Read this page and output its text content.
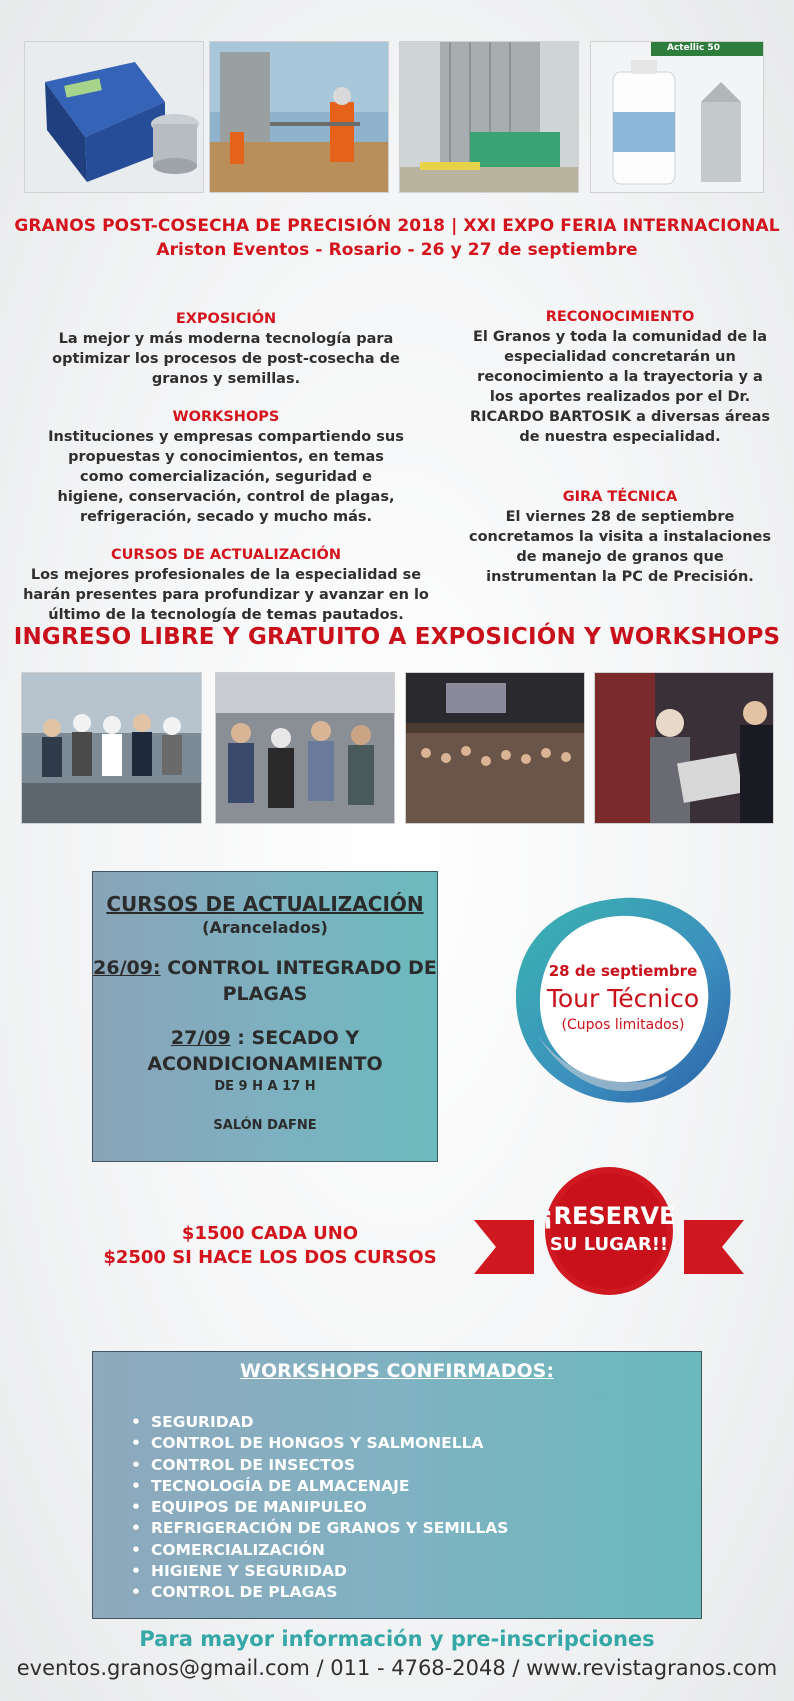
Actellic 50
GRANOS POST-COSECHA DE PRECISIÓN 2018 | XXI EXPO FERIA INTERNACIONAL
Ariston Eventos - Rosario - 26 y 27 de septiembre
EXPOSICIÓN
La mejor y más moderna tecnología para optimizar los procesos de post-cosecha de granos y semillas.
WORKSHOPS
Instituciones y empresas compartiendo sus propuestas y conocimientos, en temas como comercialización, seguridad e higiene, conservación, control de plagas, refrigeración, secado y mucho más.
CURSOS DE ACTUALIZACIÓN
Los mejores profesionales de la especialidad se harán presentes para profundizar y avanzar en lo último de la tecnología de temas pautados.
RECONOCIMIENTO
El Granos y toda la comunidad de la especialidad concretarán un reconocimiento a la trayectoria y a los aportes realizados por el Dr. RICARDO BARTOSIK a diversas áreas de nuestra especialidad.
GIRA TÉCNICA
El viernes 28 de septiembre concretamos la visita a instalaciones de manejo de granos que instrumentan la PC de Precisión.
INGRESO LIBRE Y GRATUITO A EXPOSICIÓN Y WORKSHOPS
CURSOS DE ACTUALIZACIÓN
(Arancelados)
26/09: CONTROL INTEGRADO DE PLAGAS
27/09 : SECADO Y ACONDICIONAMIENTO
DE 9 H A 17 H
SALÓN DAFNE
28 de septiembre
Tour Técnico
(Cupos limitados)
$1500 CADA UNO
$2500 SI HACE LOS DOS CURSOS
¡RESERVE
SU LUGAR!!
WORKSHOPS CONFIRMADOS:
• SEGURIDAD
• CONTROL DE HONGOS Y SALMONELLA
• CONTROL DE INSECTOS
• TECNOLOGÍA DE ALMACENAJE
• EQUIPOS DE MANIPULEO
• REFRIGERACIÓN DE GRANOS Y SEMILLAS
• COMERCIALIZACIÓN
• HIGIENE Y SEGURIDAD
• CONTROL DE PLAGAS
Para mayor información y pre-inscripciones
eventos.granos@gmail.com / 011 - 4768-2048 / www.revistagranos.com
